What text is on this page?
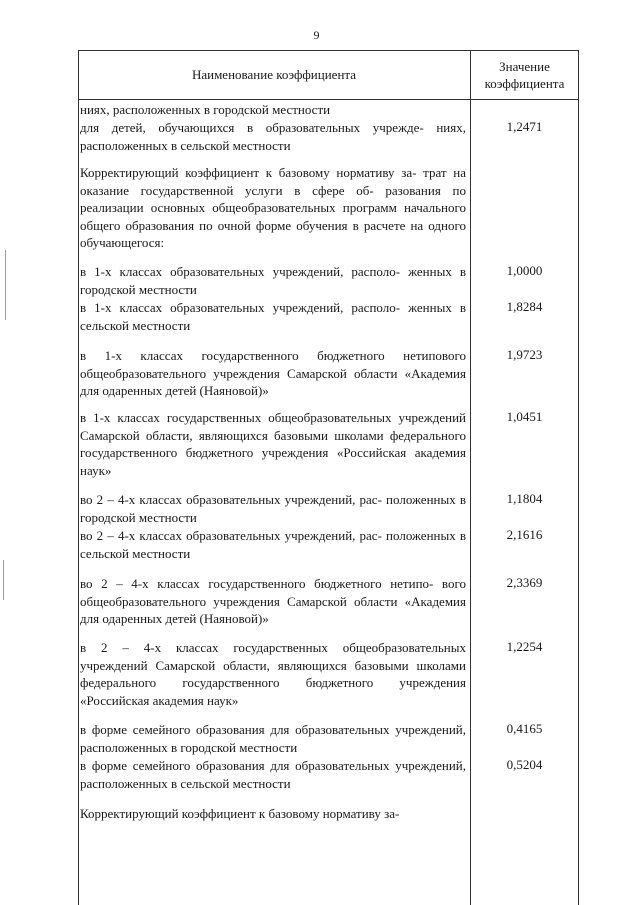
9
Наименование коэффициента
Значение
коэффициента
ниях, расположенных в городской местности
для детей, обучающихся в образовательных учрежде- ниях, расположенных в сельской местности
1,2471
Корректирующий коэффициент к базовому нормативу за- трат на оказание государственной услуги в сфере об- разования по реализации основных общеобразовательных программ начального общего образования по очной форме обучения в расчете на одного обучающегося:
в 1-х классах образовательных учреждений, располо- женных в городской местности
1,0000
в 1-х классах образовательных учреждений, располо- женных в сельской местности
1,8284
в 1-х классах государственного бюджетного нетипового общеобразовательного учреждения Самарской области «Академия для одаренных детей (Наяновой)»
1,9723
в 1-х классах государственных общеобразовательных учреждений Самарской области, являющихся базовыми школами федерального государственного бюджетного учреждения «Российская академия наук»
1,0451
во 2 – 4-х классах образовательных учреждений, рас- положенных в городской местности
1,1804
во 2 – 4-х классах образовательных учреждений, рас- положенных в сельской местности
2,1616
во 2 – 4-х классах государственного бюджетного нетипо- вого общеобразовательного учреждения Самарской области «Академия для одаренных детей (Наяновой)»
2,3369
в 2 – 4-х классах государственных общеобразовательных учреждений Самарской области, являющихся базовыми школами федерального государственного бюджетного учреждения «Российская академия наук»
1,2254
в форме семейного образования для образовательных учреждений, расположенных в городской местности
0,4165
в форме семейного образования для образовательных учреждений, расположенных в сельской местности
0,5204
Корректирующий коэффициент к базовому нормативу за-
